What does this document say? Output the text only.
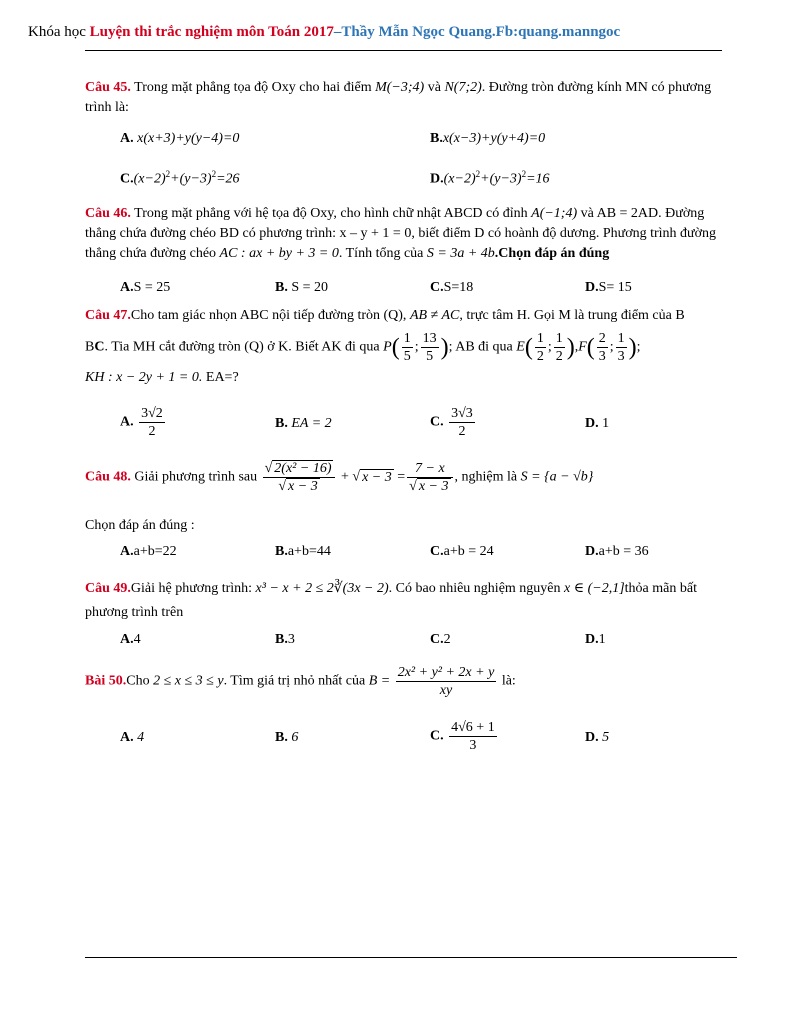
Khóa học Luyện thi trắc nghiệm môn Toán 2017–Thầy Mẫn Ngọc Quang.Fb:quang.manngoc
Câu 45. Trong mặt phẳng tọa độ Oxy cho hai điểm M(−3;4) và N(7;2). Đường tròn đường kính MN có phương trình là:
A. x(x+3)+y(y−4)=0	B.x(x−3)+y(y+4)=0
$C.(x-2)^2+(y-3)^2=26$	$D.(x-2)^2+(y-3)^2=16$
Câu 46. Trong mặt phẳng với hệ tọa độ Oxy, cho hình chữ nhật ABCD có đỉnh A(−1;4) và AB = 2AD. Đường thẳng chứa đường chéo BD có phương trình: x – y + 1 = 0, biết điểm D có hoành độ dương. Phương trình đường thẳng chứa đường chéo AC : ax + by + 3 = 0. Tính tổng của S = 3a + 4b.Chọn đáp án đúng
A.S = 25	B. S = 20	C.S=18	D.S= 15
Câu 47.Cho tam giác nhọn ABC nội tiếp đường tròn (Q), AB ≠ AC, trực tâm H. Gọi M là trung điểm của B
BC. Tia MH cắt đường tròn (Q) ở K. Biết AK đi qua $P( \frac{1}{5}$ ; $\frac{13}{5}$ ); AB đi qua $E( \frac{1}{2}$ ; $\frac{1}{2} ),F( \frac{2}{3}$ ; $\frac{1}{3}$ );
KH : x − 2y + 1 = 0. EA=?
A. $\frac{3√2}{2}$	B. EA = 2	C. $\frac{3√3}{2}$	D. 1
Câu 48. Giải phương trình sau $\frac{\text{√ 2(x² − 16)}}{√ x - 3}$ + √ $x - 3 = \frac{7 - x}{√ x - 3}$ , nghiệm là S = {a − √b}
Chọn đáp án đúng :
A.a+b=22	B.a+b=44	C.a+b = 24	D.a+b = 36
Câu 49.Giải hệ phương trình: x³ − x + 2 ≤ 2∛(3x − 2). Có bao nhiêu nghiệm nguyên x ∈ (−2,1]thỏa mãn bất phương trình trên
A.4	B.3	C.2	D.1
Bài 50.Cho 2 ≤ x ≤ 3 ≤ y. Tìm giá trị nhỏ nhất của $B = \frac{\text{2x² + y² + 2x + y}}{xy}$ là:
A. 4	B. 6	C. $\frac{4√6 + 1}{3}$	D. 5
